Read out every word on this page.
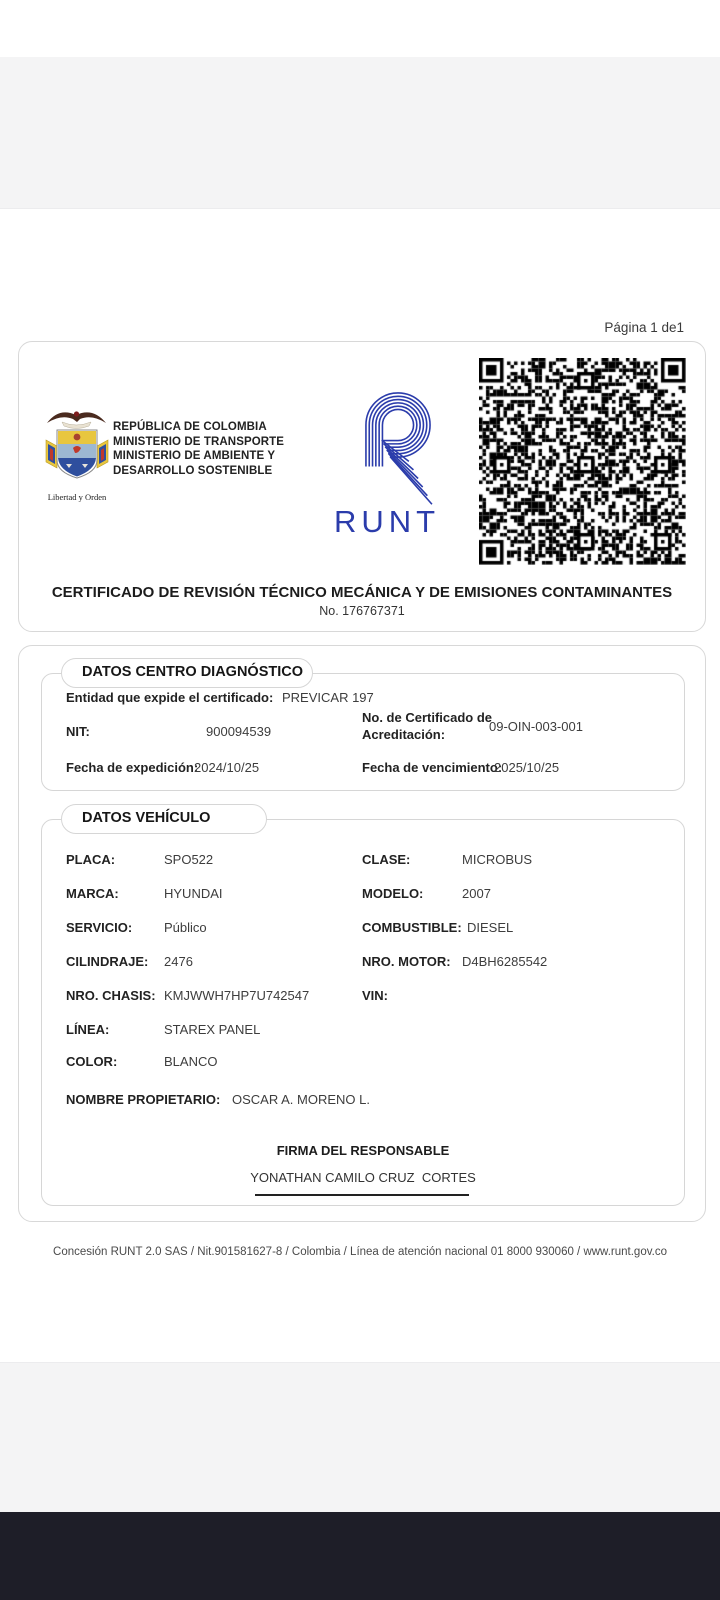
Página 1 de1
Libertad y Orden
REPÚBLICA DE COLOMBIA
MINISTERIO DE TRANSPORTE
MINISTERIO DE AMBIENTE Y
DESARROLLO SOSTENIBLE
RUNT
CERTIFICADO DE REVISIÓN TÉCNICO MECÁNICA Y DE EMISIONES CONTAMINANTES
No. 176767371
DATOS CENTRO DIAGNÓSTICO
Entidad que expide el certificado: PREVICAR 197
NIT:	900094539
No. de Certificado de
Acreditación:
09-OIN-003-001
Fecha de expedición:
2024/10/25	Fecha de vencimiento:
2025/10/25
DATOS VEHÍCULO
PLACA:	SPO522	CLASE:	MICROBUS
MARCA:	HYUNDAI	MODELO:	2007
SERVICIO: Público	COMBUSTIBLE: DIESEL
CILINDRAJE: 2476	NRO. MOTOR: D4BH6285542
NRO. CHASIS: KMJWWH7HP7U742547	VIN:
LÍNEA:	STAREX PANEL
COLOR:	BLANCO
NOMBRE PROPIETARIO: OSCAR A. MORENO L.
FIRMA DEL RESPONSABLE
YONATHAN CAMILO CRUZ  CORTES
Concesión RUNT 2.0 SAS / Nit.901581627-8 / Colombia / Línea de atención nacional 01 8000 930060 / www.runt.gov.co
